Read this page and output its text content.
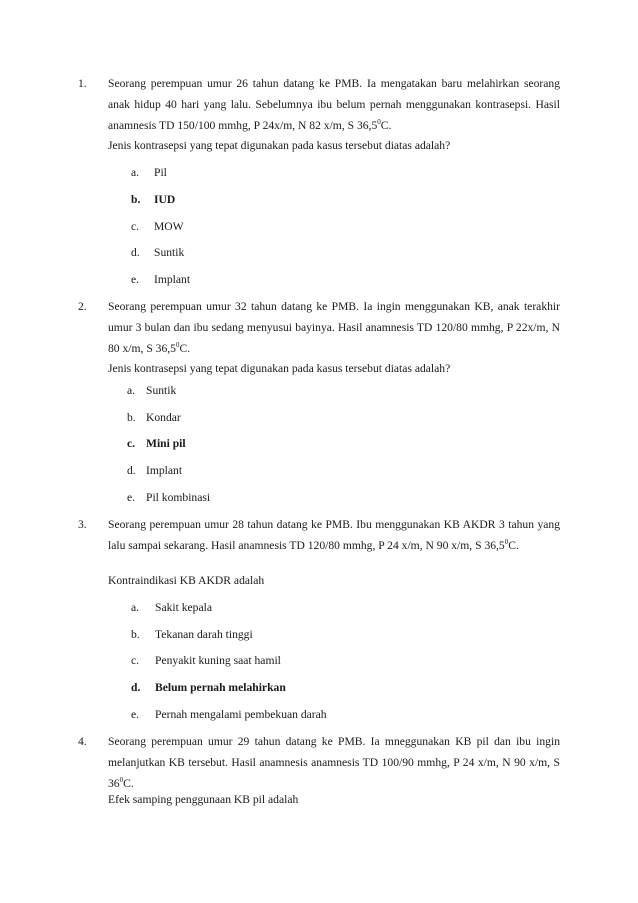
1. Seorang perempuan umur 26 tahun datang ke PMB. Ia mengatakan baru melahirkan seorang anak hidup 40 hari yang lalu. Sebelumnya ibu belum pernah menggunakan kontrasepsi. Hasil anamnesis TD 150/100 mmhg, P 24x/m, N 82 x/m, S 36,5$^0$C.
Jenis kontrasepsi yang tepat digunakan pada kasus tersebut diatas adalah?
a. Pil
b. IUD
c. MOW
d. Suntik
e. Implant
2. Seorang perempuan umur 32 tahun datang ke PMB. Ia ingin menggunakan KB, anak terakhir umur 3 bulan dan ibu sedang menyusui bayinya. Hasil anamnesis TD 120/80 mmhg, P 22x/m, N 80 x/m, S 36,5$^0$C.
Jenis kontrasepsi yang tepat digunakan pada kasus tersebut diatas adalah?
a. Suntik
b. Kondar
c. Mini pil
d. Implant
e. Pil kombinasi
3. Seorang perempuan umur 28 tahun datang ke PMB. Ibu menggunakan KB AKDR 3 tahun yang lalu sampai sekarang. Hasil anamnesis TD 120/80 mmhg, P 24 x/m, N 90 x/m, S 36,5$^0$C.
Kontraindikasi KB AKDR adalah
a. Sakit kepala
b. Tekanan darah tinggi
c. Penyakit kuning saat hamil
d. Belum pernah melahirkan
e. Pernah mengalami pembekuan darah
4. Seorang perempuan umur 29 tahun datang ke PMB. Ia mneggunakan KB pil dan ibu ingin melanjutkan KB tersebut. Hasil anamnesis anamnesis TD 100/90 mmhg, P 24 x/m, N 90 x/m, S $36^0C$.
Efek samping penggunaan KB pil adalah
